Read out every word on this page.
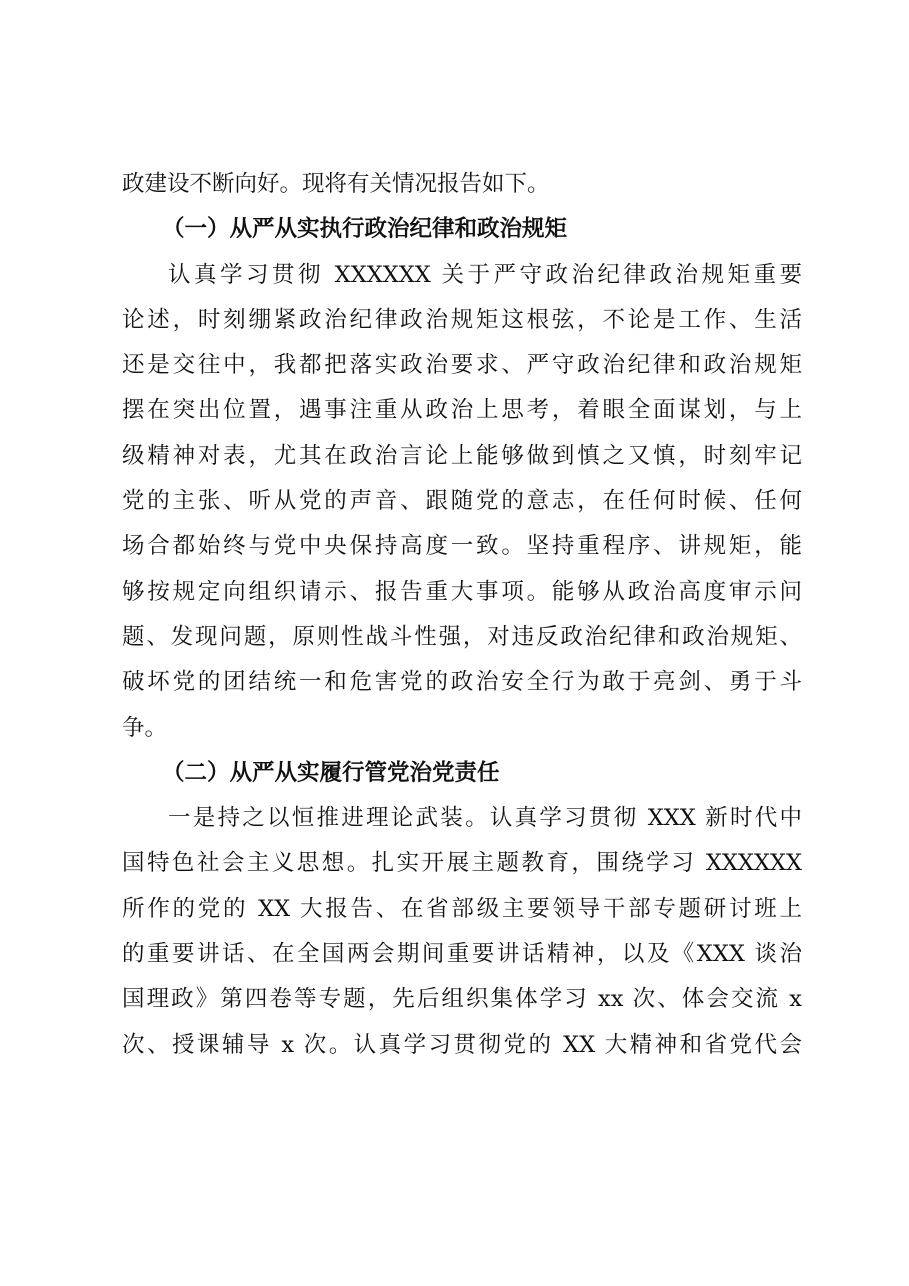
政建设不断向好。现将有关情况报告如下。
（一）从严从实执行政治纪律和政治规矩
认真学习贯彻 XXXXXX 关于严守政治纪律政治规矩重要
论述，时刻绷紧政治纪律政治规矩这根弦，不论是工作、生活
还是交往中，我都把落实政治要求、严守政治纪律和政治规矩
摆在突出位置，遇事注重从政治上思考，着眼全面谋划，与上
级精神对表，尤其在政治言论上能够做到慎之又慎，时刻牢记
党的主张、听从党的声音、跟随党的意志，在任何时候、任何
场合都始终与党中央保持高度一致。坚持重程序、讲规矩，能
够按规定向组织请示、报告重大事项。能够从政治高度审示问
题、发现问题，原则性战斗性强，对违反政治纪律和政治规矩、
破坏党的团结统一和危害党的政治安全行为敢于亮剑、勇于斗
争。
（二）从严从实履行管党治党责任
一是持之以恒推进理论武装。认真学习贯彻 XXX 新时代中
国特色社会主义思想。扎实开展主题教育，围绕学习 XXXXXX
所作的党的 XX 大报告、在省部级主要领导干部专题研讨班上
的重要讲话、在全国两会期间重要讲话精神，以及《XXX 谈治
国理政》第四卷等专题，先后组织集体学习 xx 次、体会交流 x
次、授课辅导 x 次。认真学习贯彻党的 XX 大精神和省党代会
